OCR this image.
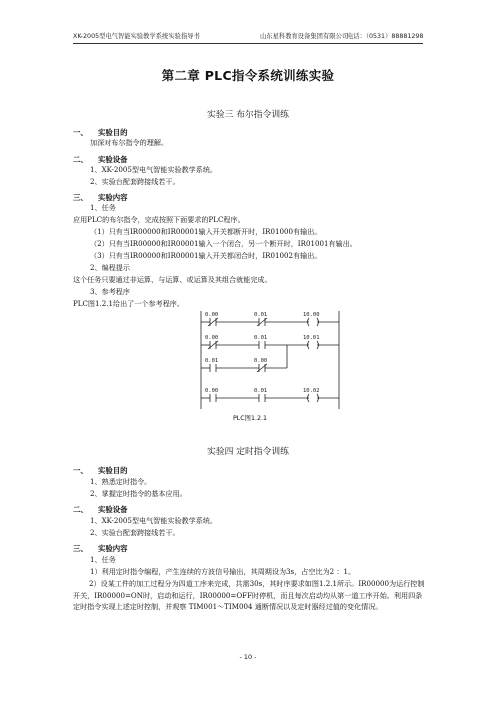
XK-2005型电气智能实验教学系统实验指导书	山东星科教育设备集团有限公司
电话：（0531）88881298
第二章 PLC指令系统训练实验
实验三 布尔指令训练
一、 实验目的
加深对布尔指令的理解。
二、 实验设备
1、XK-2005型电气智能实验教学系统。
2、实验台配套跨接线若干。
三、 实验内容
1、任务
应用PLC的布尔指令，完成按照下面要求的PLC程序。
（1）只有当IR00000和IR00001输入开关都断开时，IR01000有输出。
（2）只有当IR00000和IR00001输入一个闭合，另一个断开时，IR01001有输出。
（3）只有当IR00000和IR00001输入开关都闭合时，IR01002有输出。
2、编程提示
这个任务只要通过非运算、与运算、或运算及其组合就能完成。
3、参考程序
PLC图1.2.1给出了一个参考程序。
0.00	0.01	10.00
0.00	0.01	10.01
0.01	0.00
0.00	0.01	10.02
PLC图1.2.1
实验四 定时指令训练
一、 实验目的
1、熟悉定时指令。
2、掌握定时指令的基本应用。
二、 实验设备
1、XK-2005型电气智能实验教学系统。
2、实验台配套跨接线若干。
三、 实验内容
1、任务
1）利用定时指令编程，产生连续的方波信号输出，其周期设为3s，占空比为2 ：1。
2）设某工件的加工过程分为四道工序来完成，共需30s，其时序要求如图1.2.1所示。IR00000为运行控制开关，IR00000=ON时，启动和运行，IR00000=OFF时停机，而且每次启动均从第一道工序开始。利用四条定时指令实现上述定时控制，并观察 TIM001～TIM004 通断情况以及定时器经过值的变化情况。
- 10 -
